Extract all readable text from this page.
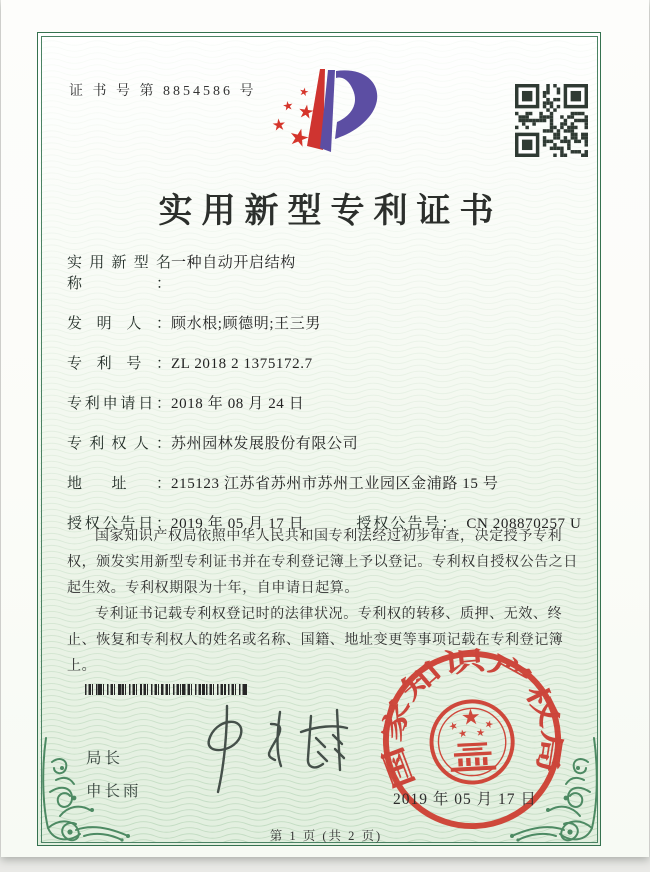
证 书 号 第 8854586 号
实用新型专利证书
实用新型名称：
一种自动开启结构
发明人： 顾水根;顾德明;王三男
专利号： ZL 2018 2 1375172.7
专利申请日： 2018 年 08 月 24 日
专利权人： 苏州园林发展股份有限公司
地址： 215123 江苏省苏州市苏州工业园区金浦路 15 号
授权公告日： 2019 年 05 月 17 日	授权公告号： CN 208870257 U

国家知识产权局依照中华人民共和国专利法经过初步审查，决定授予专利权，颁发实用新型专利证书并在专利登记簿上予以登记。专利权自授权公告之日起生效。专利权期限为十年，自申请日起算。

专利证书记载专利权登记时的法律状况。专利权的转移、质押、无效、终止、恢复和专利权人的姓名或名称、国籍、地址变更等事项记载在专利登记簿上。

局长
申长雨	国家知识产权局
2019 年 05 月 17 日
第 1 页 (共 2 页)
